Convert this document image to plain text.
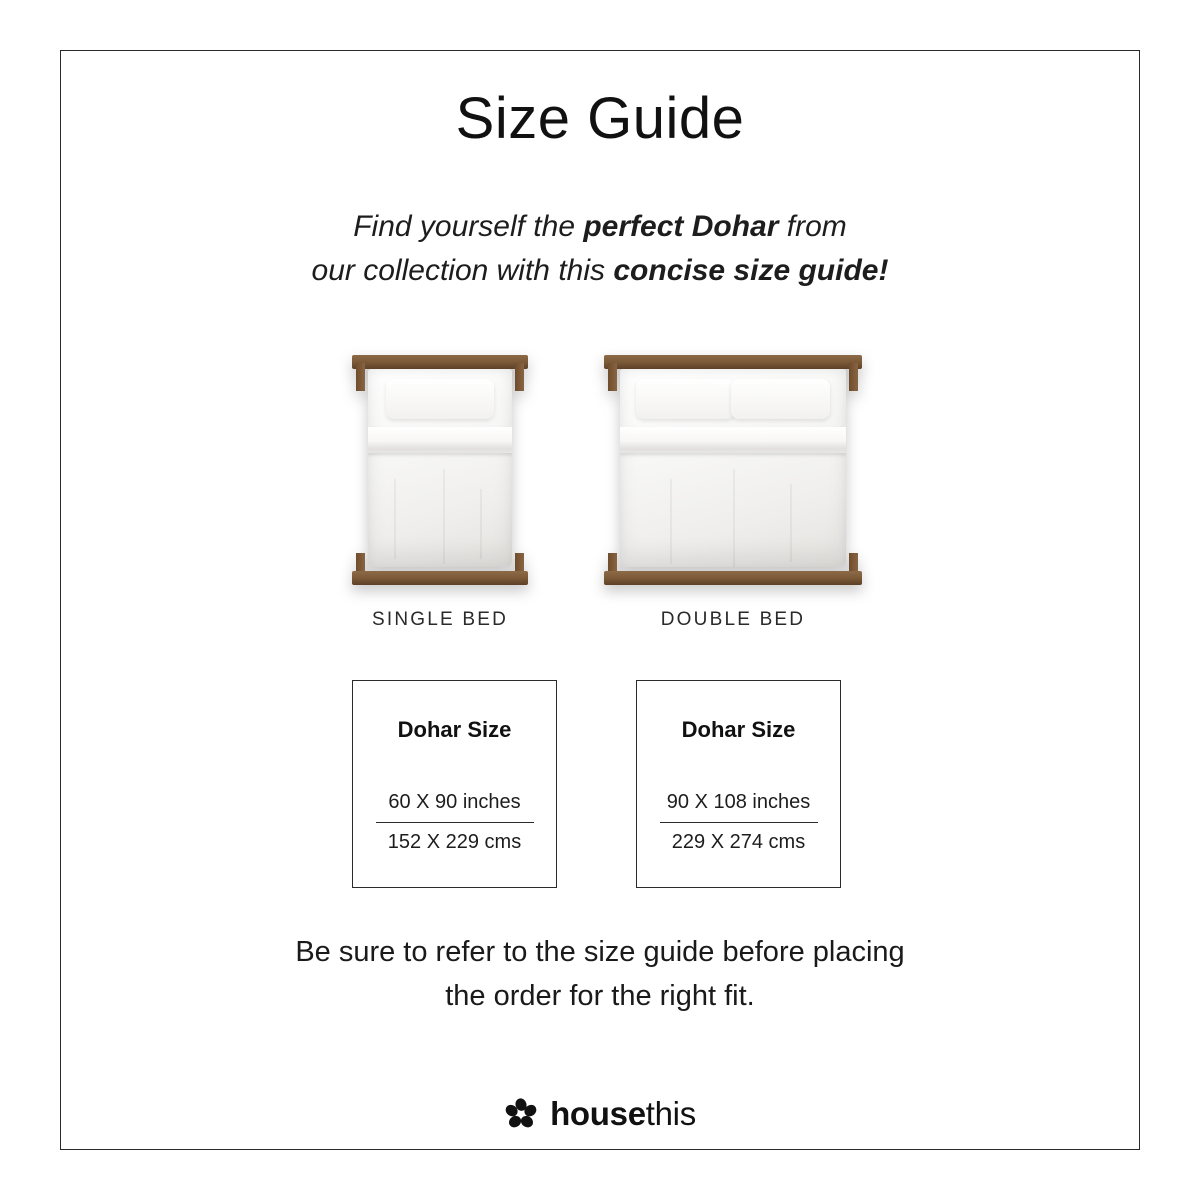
Size Guide
Find yourself the perfect Dohar from
our collection with this concise size guide!
SINGLE BED	DOUBLE BED
Dohar Size
60 X 90 inches
152 X 229 cms
Dohar Size
90 X 108 inches
229 X 274 cms
Be sure to refer to the size guide before placing
the order for the right fit.
housethis
